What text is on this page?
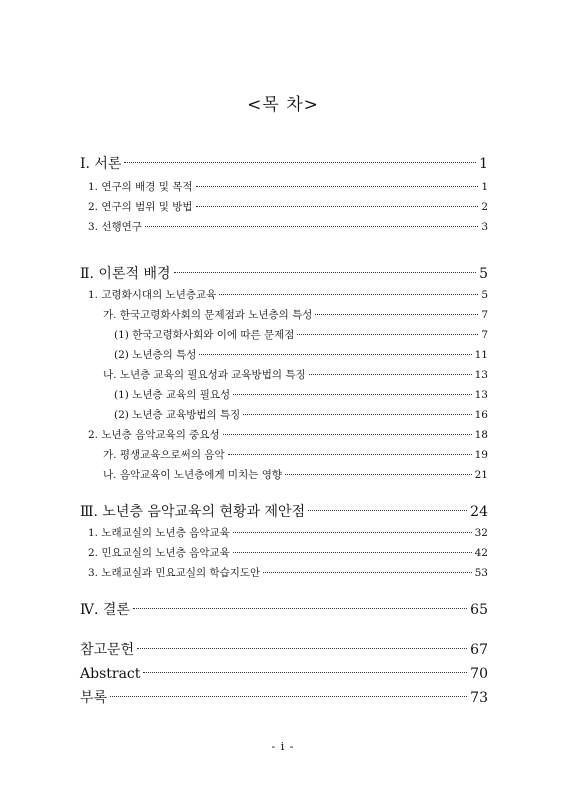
<목 차>
Ⅰ. 서론	1
1. 연구의 배경 및 목적	1
2. 연구의 범위 및 방법	2
3. 선행연구	3
Ⅱ. 이론적 배경	5
1. 고령화시대의 노년층교육	5
가. 한국고령화사회의 문제점과 노년층의 특성	7
(1) 한국고령화사회와 이에 따른 문제점	7
(2) 노년층의 특성	11
나. 노년층 교육의 필요성과 교육방법의 특징	13
(1) 노년층 교육의 필요성	13
(2) 노년층 교육방법의 특징	16
2. 노년층 음악교육의 중요성	18
가. 평생교육으로써의 음악	19
나. 음악교육이 노년층에게 미치는 영향	21
Ⅲ. 노년층 음악교육의 현황과 제안점	24
1. 노래교실의 노년층 음악교육	32
2. 민요교실의 노년층 음악교육	42
3. 노래교실과 민요교실의 학습지도안	53
Ⅳ. 결론	65
참고문헌	67
Abstract	70
부록	73
- i -
